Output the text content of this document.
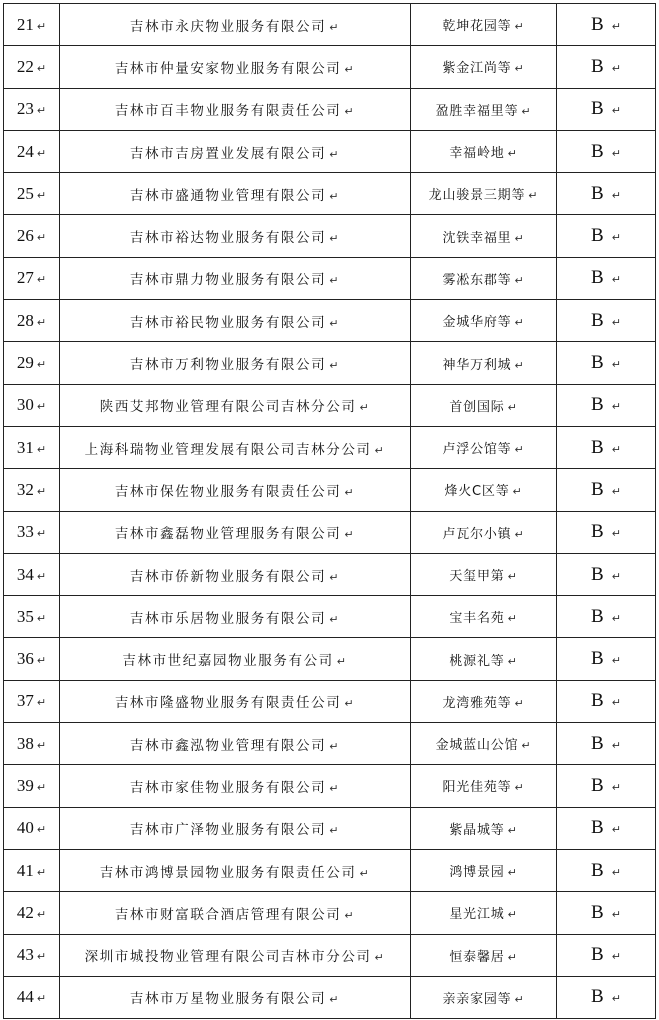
21 ↵	吉林市永庆物业服务有限公司 ↵	乾坤花园等 ↵	B ↵
22 ↵	吉林市仲量安家物业服务有限公司 ↵	紫金江尚等 ↵	B ↵
23 ↵	吉林市百丰物业服务有限责任公司 ↵	盈胜幸福里等 ↵	B ↵
24 ↵	吉林市吉房置业发展有限公司 ↵	幸福岭地 ↵	B ↵
25 ↵	吉林市盛通物业管理有限公司 ↵	龙山骏景三期等 ↵	B ↵
26 ↵	吉林市裕达物业服务有限公司 ↵	沈铁幸福里 ↵	B ↵
27 ↵	吉林市鼎力物业服务有限公司 ↵	雾凇东郡等 ↵	B ↵
28 ↵	吉林市裕民物业服务有限公司 ↵	金城华府等 ↵	B ↵
29 ↵	吉林市万利物业服务有限公司 ↵	神华万利城 ↵	B ↵
30 ↵	陕西艾邦物业管理有限公司吉林分公司 ↵	首创国际 ↵	B ↵
31 ↵	上海科瑞物业管理发展有限公司吉林分公司 ↵	卢浮公馆等 ↵	B ↵
32 ↵	吉林市保佐物业服务有限责任公司 ↵	烽火C区等 ↵	B ↵
33 ↵	吉林市鑫磊物业管理服务有限公司 ↵	卢瓦尔小镇 ↵	B ↵
34 ↵	吉林市侨新物业服务有限公司 ↵	天玺甲第 ↵	B ↵
35 ↵	吉林市乐居物业服务有限公司 ↵	宝丰名苑 ↵	B ↵
36 ↵	吉林市世纪嘉园物业服务有公司 ↵	桃源礼等 ↵	B ↵
37 ↵	吉林市隆盛物业服务有限责任公司 ↵	龙湾雅苑等 ↵	B ↵
38 ↵	吉林市鑫泓物业管理有限公司 ↵	金城蓝山公馆 ↵	B ↵
39 ↵	吉林市家佳物业服务有限公司 ↵	阳光佳苑等 ↵	B ↵
40 ↵	吉林市广泽物业服务有限公司 ↵	紫晶城等 ↵	B ↵
41 ↵	吉林市鸿博景园物业服务有限责任公司 ↵	鸿博景园 ↵	B ↵
42 ↵	吉林市财富联合酒店管理有限公司 ↵	星光江城 ↵	B ↵
43 ↵	深圳市城投物业管理有限公司吉林市分公司 ↵	恒泰馨居 ↵	B ↵
44 ↵	吉林市万星物业服务有限公司 ↵	亲亲家园等 ↵	B ↵
